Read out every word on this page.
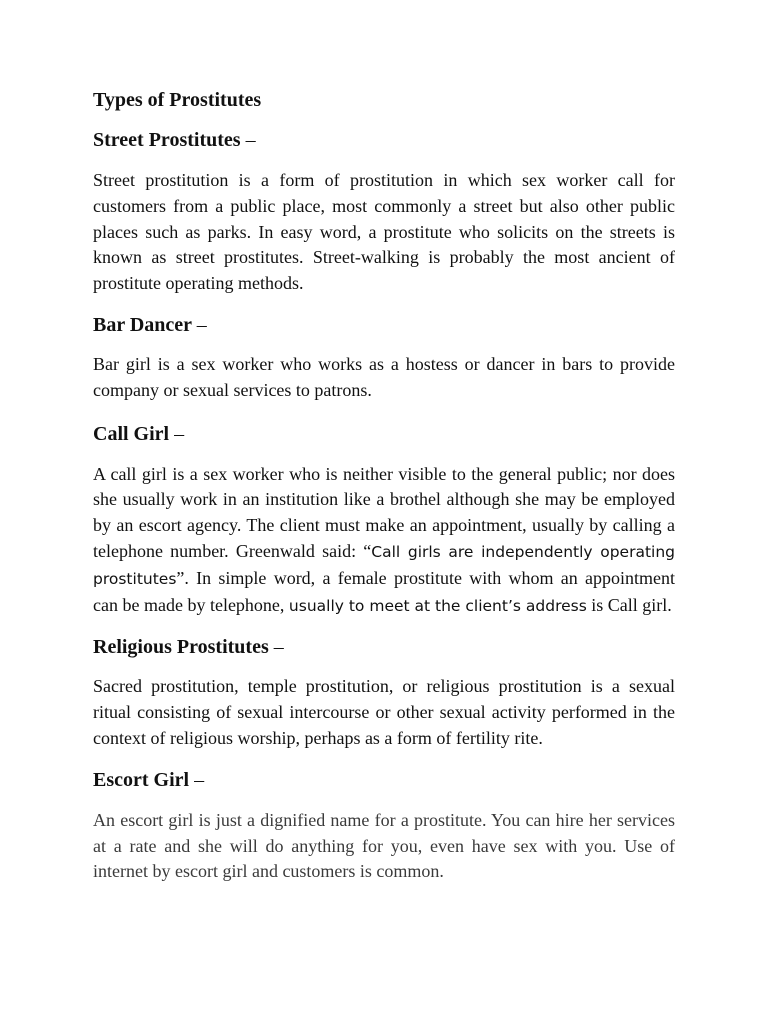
Types of Prostitutes
Street Prostitutes –

Street prostitution is a form of prostitution in which sex worker call for customers from a public place, most commonly a street but also other public places such as parks. In easy word, a prostitute who solicits on the streets is known as street prostitutes. Street-walking is probably the most ancient of prostitute operating methods.

Bar Dancer –

Bar girl is a sex worker who works as a hostess or dancer in bars to provide company or sexual services to patrons.

Call Girl –

A call girl is a sex worker who is neither visible to the general public; nor does she usually work in an institution like a brothel although she may be employed by an escort agency. The client must make an appointment, usually by calling a telephone number. Greenwald said: “Call girls are independently operating prostitutes”. In simple word, a female prostitute with whom an appointment can be made by telephone, usually to meet at the client’s address is Call girl.

Religious Prostitutes –

Sacred prostitution, temple prostitution, or religious prostitution is a sexual ritual consisting of sexual intercourse or other sexual activity performed in the context of religious worship, perhaps as a form of fertility rite.

Escort Girl –

An escort girl is just a dignified name for a prostitute. You can hire her services at a rate and she will do anything for you, even have sex with you. Use of internet by escort girl and customers is common.
